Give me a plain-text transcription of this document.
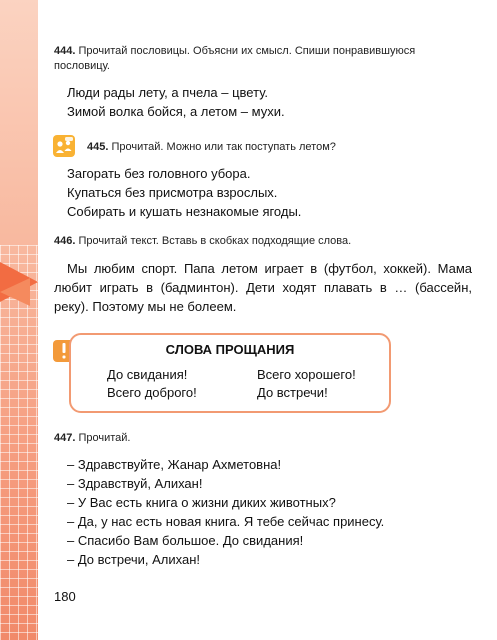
444. Прочитай пословицы. Объясни их смысл. Спиши понравившуюся
пословицу.
Люди рады лету, а пчела – цвету.
Зимой волка бойся, а летом – мухи.
445. Прочитай. Можно или так поступать летом?
Загорать без головного убора.
Купаться без присмотра взрослых.
Собирать и кушать незнакомые ягоды.
446. Прочитай текст. Вставь в скобках подходящие слова.
Мы любим спорт. Папа летом играет в (футбол, хоккей). Мама любит играть в (бадминтон). Дети ходят плавать в … (бассейн, реку). Поэтому мы не болеем.
СЛОВА ПРОЩАНИЯ
До свидания!	Всего хорошего!
Всего доброго!	До встречи!
447. Прочитай.
– Здравствуйте, Жанар Ахметовна!
– Здравствуй, Алихан!
– У Вас есть книга о жизни диких животных?
– Да, у нас есть новая книга. Я тебе сейчас принесу.
– Спасибо Вам большое. До свидания!
– До встречи, Алихан!
180
